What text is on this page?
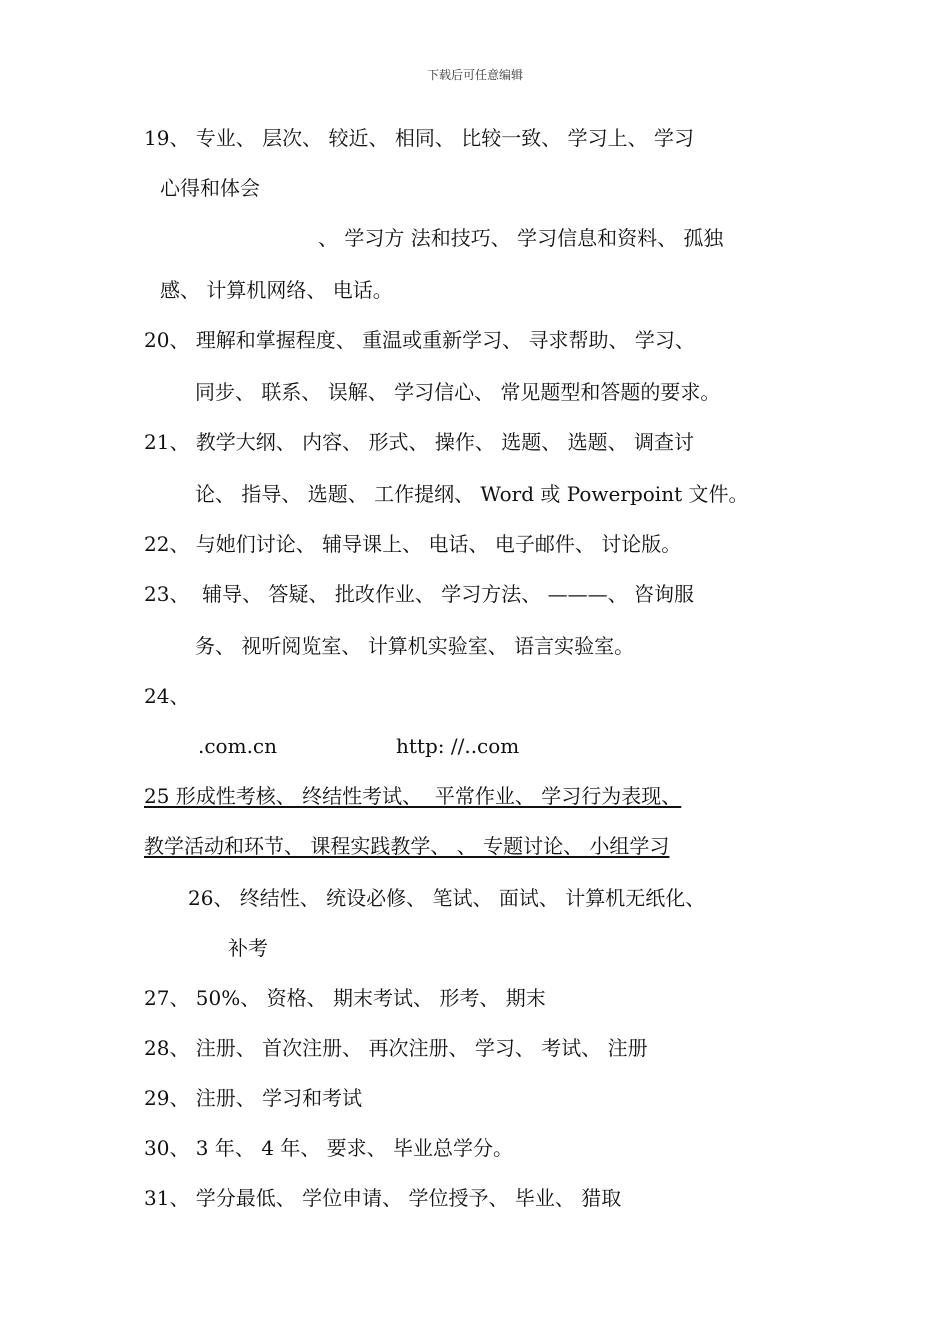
下载后可任意编辑
19、 专业、 层次、 较近、 相同、 比较一致、 学习上、 学习
心得和体会
、 学习方 法和技巧、 学习信息和资料、 孤独
感、 计算机网络、 电话。
20、 理解和掌握程度、 重温或重新学习、 寻求帮助、 学习、
同步、 联系、 误解、 学习信心、 常见题型和答题的要求。
21、 教学大纲、 内容、 形式、 操作、 选题、 选题、 调查讨
论、 指导、 选题、 工作提纲、 Word 或 Powerpoint 文件。
22、 与她们讨论、 辅导课上、 电话、 电子邮件、 讨论版。
23、  辅导、 答疑、 批改作业、 学习方法、 ———、 咨询服
务、 视听阅览室、 计算机实验室、 语言实验室。
24、
.com.cn	http: //..com
25 形成性考核、 终结性考试、  平常作业、 学习行为表现、
教学活动和环节、 课程实践教学、 、 专题讨论、 小组学习
26、 终结性、 统设必修、 笔试、 面试、 计算机无纸化、
补考
27、 50%、 资格、 期末考试、 形考、 期末
28、 注册、 首次注册、 再次注册、 学习、 考试、 注册
29、 注册、 学习和考试
30、 3 年、 4 年、 要求、 毕业总学分。
31、 学分最低、 学位申请、 学位授予、 毕业、 猎取
